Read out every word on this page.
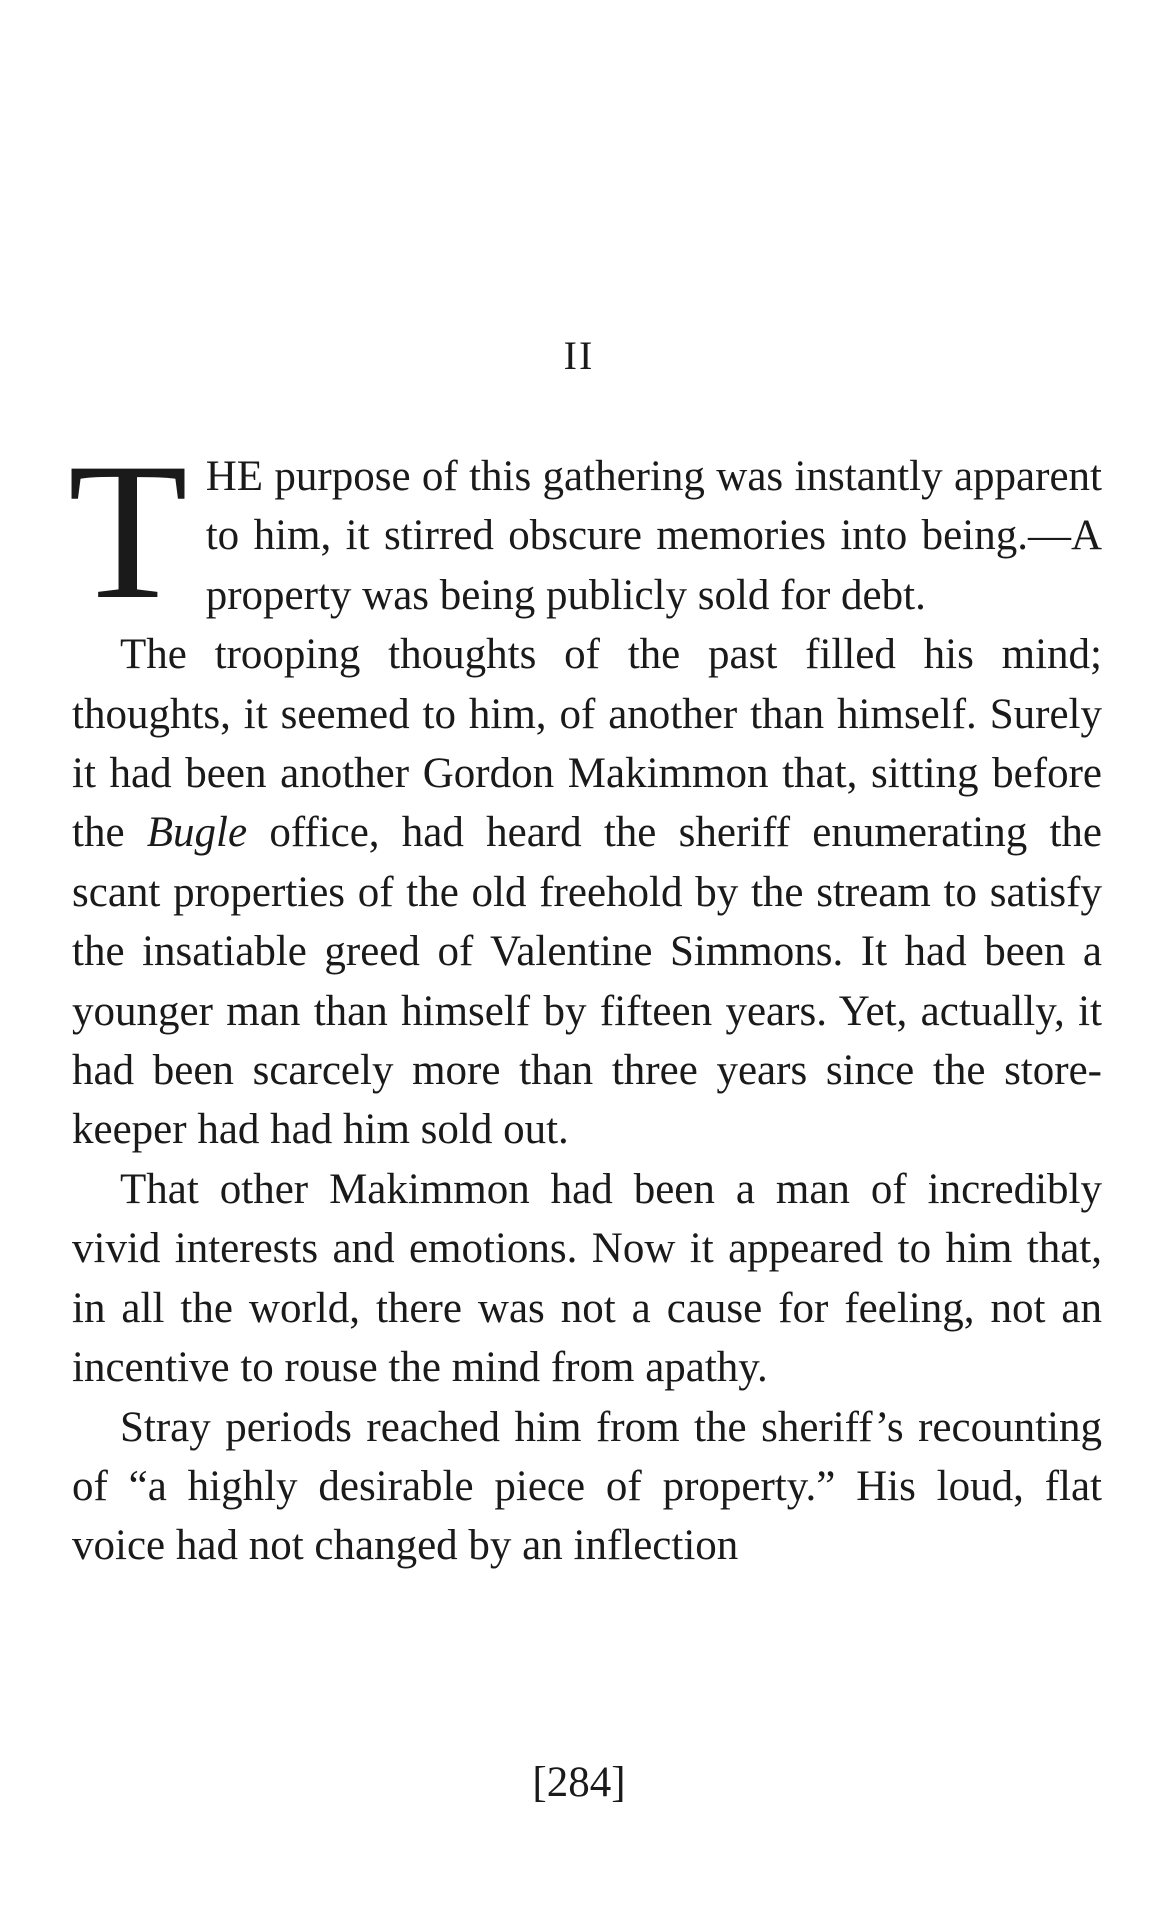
II

THE purpose of this gathering was instantly apparent to him, it stirred obscure memories into being.—A property was being publicly sold for debt.

The trooping thoughts of the past filled his mind; thoughts, it seemed to him, of another than himself. Surely it had been another Gordon Makimmon that, sitting before the Bugle office, had heard the sheriff enumerating the scant properties of the old freehold by the stream to satisfy the insatiable greed of Valentine Simmons. It had been a younger man than himself by fifteen years. Yet, actually, it had been scarcely more than three years since the storekeeper had had him sold out.

That other Makimmon had been a man of incredibly vivid interests and emotions. Now it appeared to him that, in all the world, there was not a cause for feeling, not an incentive to rouse the mind from apathy.

Stray periods reached him from the sheriff’s recounting of “a highly desirable piece of property.” His loud, flat voice had not changed by an inflection

[284]
